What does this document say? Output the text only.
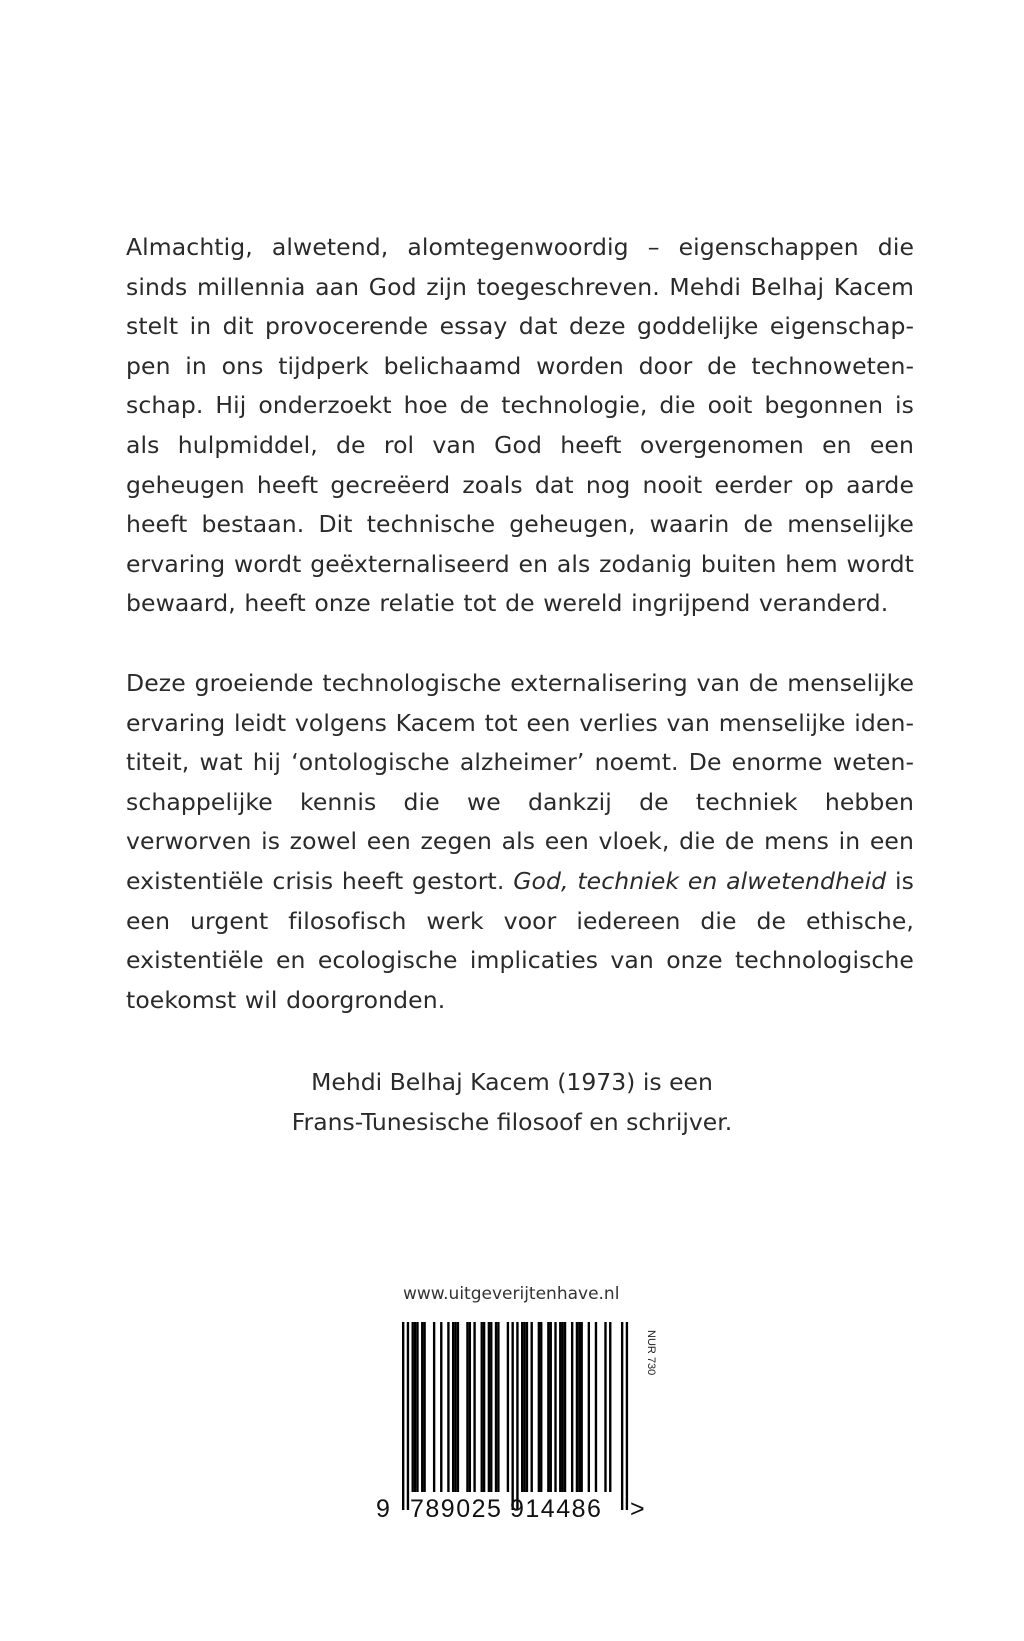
Almachtig, alwetend, alomtegenwoordig – eigenschappen die sinds millennia aan God zijn toegeschreven. Mehdi Belhaj Kacem stelt in dit provocerende essay dat deze goddelijke eigenschappen in ons tijdperk belichaamd worden door de technowetenschap. Hij onderzoekt hoe de technologie, die ooit begonnen is als hulpmiddel, de rol van God heeft overgenomen en een geheugen heeft gecreëerd zoals dat nog nooit eerder op aarde heeft bestaan. Dit technische geheugen, waarin de menselijke ervaring wordt geëxternaliseerd en als zodanig buiten hem wordt bewaard, heeft onze relatie tot de wereld ingrijpend veranderd.

Deze groeiende technologische externalisering van de menselijke ervaring leidt volgens Kacem tot een verlies van menselijke identiteit, wat hij ‘ontologische alzheimer’ noemt. De enorme wetenschappelijke kennis die we dankzij de techniek hebben verworven is zowel een zegen als een vloek, die de mens in een existentiële crisis heeft gestort. God, techniek en alwetendheid is een urgent filosofisch werk voor iedereen die de ethische, existentiële en ecologische implicaties van onze technologische toekomst wil doorgronden.

Mehdi Belhaj Kacem (1973) is een
Frans-Tunesische filosoof en schrijver.
www.uitgeverijtenhave.nl
9 789025 914486 >
NUR 730
